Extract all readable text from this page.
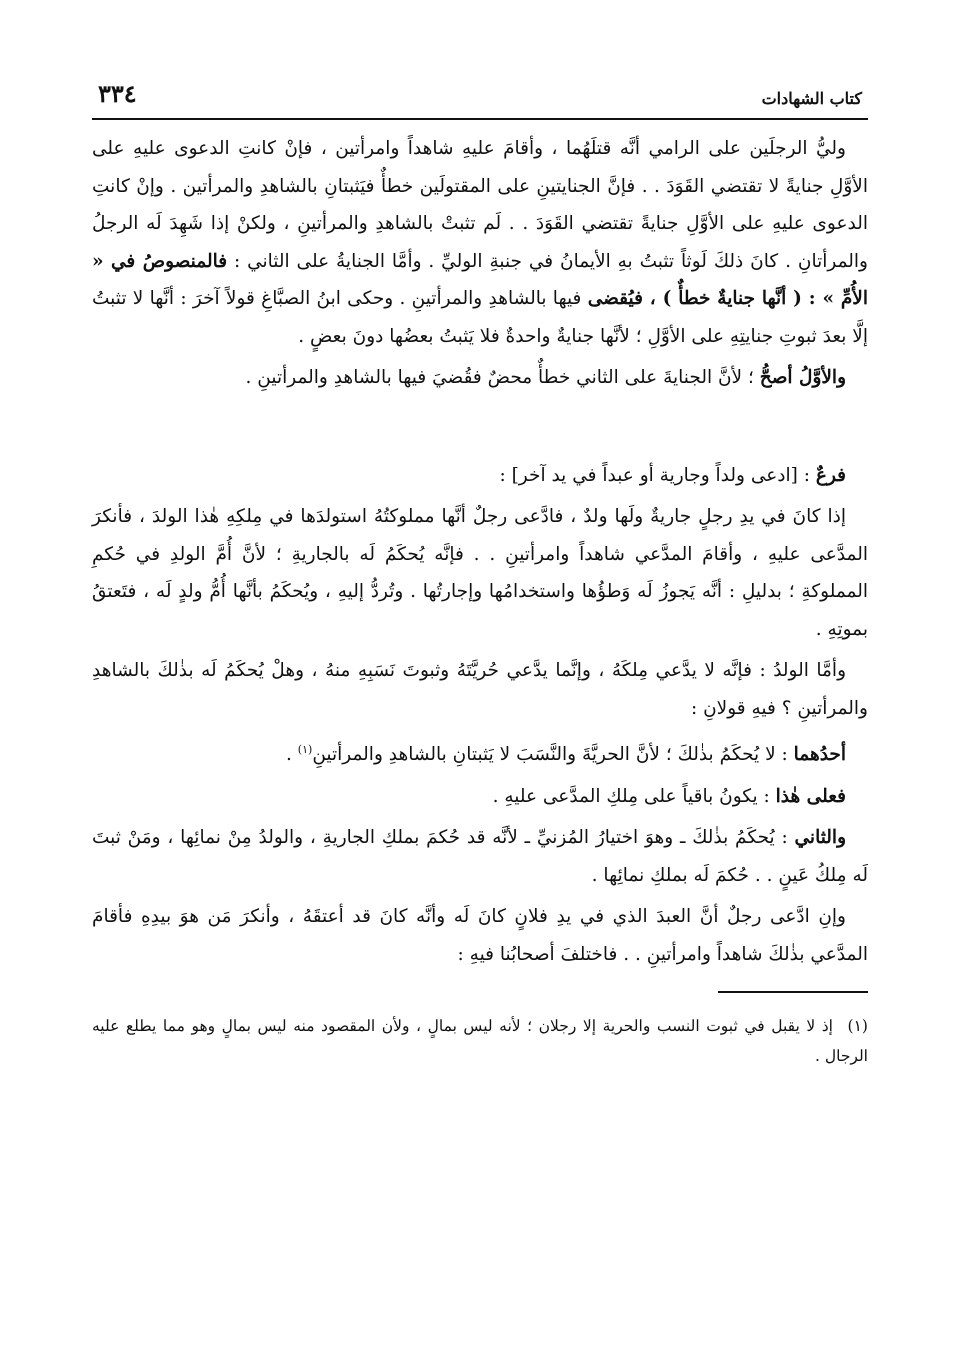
كتاب الشهادات
٣٣٤

وليُّ الرجلَين على الرامي أنَّه قتلَهُما ، وأقامَ عليهِ شاهداً وامرأتين ، فإنْ كانتِ الدعوى عليهِ على الأوَّلِ جنايةً لا تقتضي القَوَدَ . . فإنَّ الجنايتينِ على المقتولَين خطأٌ فيَثبتانِ بالشاهدِ والمرأتين . وإنْ كانتِ الدعوى عليهِ على الأوَّلِ جنايةً تقتضي القَوَدَ . . لَم تثبتْ بالشاهدِ والمرأتينِ ، ولكنْ إذا شَهِدَ لَه الرجلُ والمرأتانِ . كانَ ذلكَ لَوثاً تثبتُ بهِ الأيمانُ في جنبةِ الوليِّ . وأمَّا الجنايةُ على الثاني : فالمنصوصُ في « الأُمِّ » : ( أنَّها جنايةٌ خطأٌ ) ، فيُقضى فيها بالشاهدِ والمرأتينِ . وحكى ابنُ الصبَّاغِ قولاً آخرَ : أنَّها لا تثبتُ إلَّا بعدَ ثبوتِ جنايتِهِ على الأوَّلِ ؛ لأنَّها جنايةٌ واحدةٌ فلا يَثبتُ بعضُها دونَ بعضٍ .

والأوَّلُ أصحُّ ؛ لأنَّ الجنايةَ على الثاني خطأٌ محضٌ فقُضيَ فيها بالشاهدِ والمرأتينِ .

فرعٌ : [ادعى ولداً وجارية أو عبداً في يد آخر] :

إذا كانَ في يدِ رجلٍ جاريةٌ ولَها ولدٌ ، فادَّعى رجلٌ أنَّها مملوكتُهُ استولدَها في مِلكِهِ هٰذا الولدَ ، فأنكرَ المدَّعى عليهِ ، وأقامَ المدَّعي شاهداً وامرأتينِ . . فإنَّه يُحكَمُ لَه بالجاريةِ ؛ لأنَّ أُمَّ الولدِ في حُكمِ المملوكةِ ؛ بدليلِ : أنَّه يَجوزُ لَه وَطؤُها واستخدامُها وإجارتُها . وتُردُّ إليهِ ، ويُحكَمُ بأنَّها أُمُّ ولدٍ لَه ، فتَعتقُ بموتِهِ .

وأمَّا الولدُ : فإنَّه لا يدَّعي مِلكَهُ ، وإنَّما يدَّعي حُريَّتَهُ وثبوتَ نَسَبِهِ منهُ ، وهلْ يُحكَمُ لَه بذٰلكَ بالشاهدِ والمرأتينِ ؟ فيهِ قولانِ :

أحدُهما : لا يُحكَمُ بذٰلكَ ؛ لأنَّ الحريَّةَ والنَّسَبَ لا يَثبتانِ بالشاهدِ والمرأتينِ$^{(١)}$ .

فعلى هٰذا : يكونُ باقياً على مِلكِ المدَّعى عليهِ .

والثاني : يُحكَمُ بذٰلكَ ـ وهوَ اختيارُ المُزنيِّ ـ لأنَّه قد حُكمَ بملكِ الجاريةِ ، والولدُ مِنْ نمائِها ، ومَنْ ثبتَ لَه مِلكُ عَينٍ . . حُكمَ لَه بملكِ نمائِها .

وإنِ ادَّعى رجلٌ أنَّ العبدَ الذي في يدِ فلانٍ كانَ لَه وأنَّه كانَ قد أعتقَهُ ، وأنكرَ مَن هوَ بيدِهِ فأقامَ المدَّعي بذٰلكَ شاهداً وامرأتينِ . . فاختلفَ أصحابُنا فيهِ :

(١) إذ لا يقبل في ثبوت النسب والحرية إلا رجلان ؛ لأنه ليس بمالٍ ، ولأن المقصود منه ليس بمالٍ وهو مما يطلع عليه الرجال .
